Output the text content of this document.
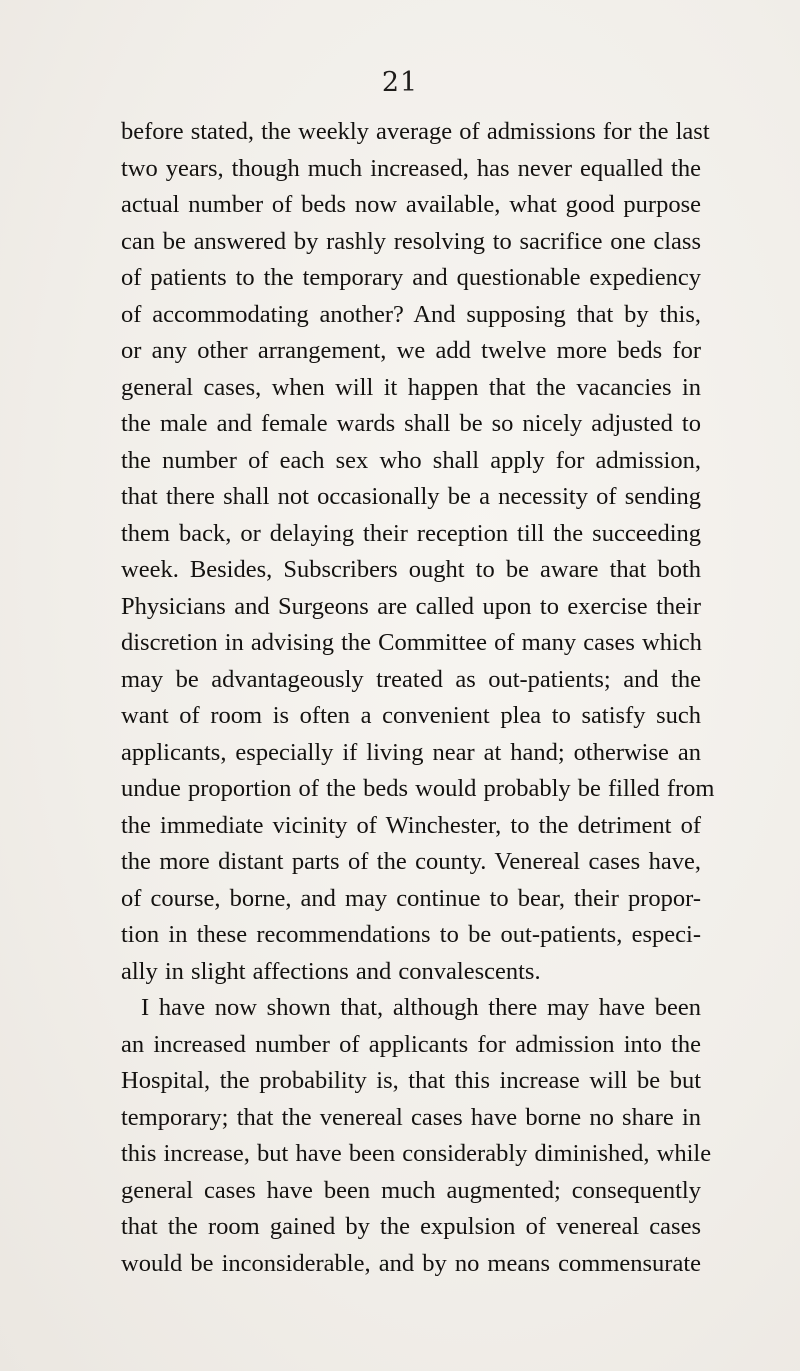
21
before stated, the weekly average of admissions for the last
two years, though much increased, has never equalled the
actual number of beds now available, what good purpose
can be answered by rashly resolving to sacrifice one class
of patients to the temporary and questionable expediency
of accommodating another? And supposing that by this,
or any other arrangement, we add twelve more beds for
general cases, when will it happen that the vacancies in
the male and female wards shall be so nicely adjusted to
the number of each sex who shall apply for admission,
that there shall not occasionally be a necessity of sending
them back, or delaying their reception till the succeeding
week. Besides, Subscribers ought to be aware that both
Physicians and Surgeons are called upon to exercise their
discretion in advising the Committee of many cases which
may be advantageously treated as out-patients; and the
want of room is often a convenient plea to satisfy such
applicants, especially if living near at hand; otherwise an
undue proportion of the beds would probably be filled from
the immediate vicinity of Winchester, to the detriment of
the more distant parts of the county. Venereal cases have,
of course, borne, and may continue to bear, their propor-
tion in these recommendations to be out-patients, especi-
ally in slight affections and convalescents.
I have now shown that, although there may have been
an increased number of applicants for admission into the
Hospital, the probability is, that this increase will be but
temporary; that the venereal cases have borne no share in
this increase, but have been considerably diminished, while
general cases have been much augmented; consequently
that the room gained by the expulsion of venereal cases
would be inconsiderable, and by no means commensurate
